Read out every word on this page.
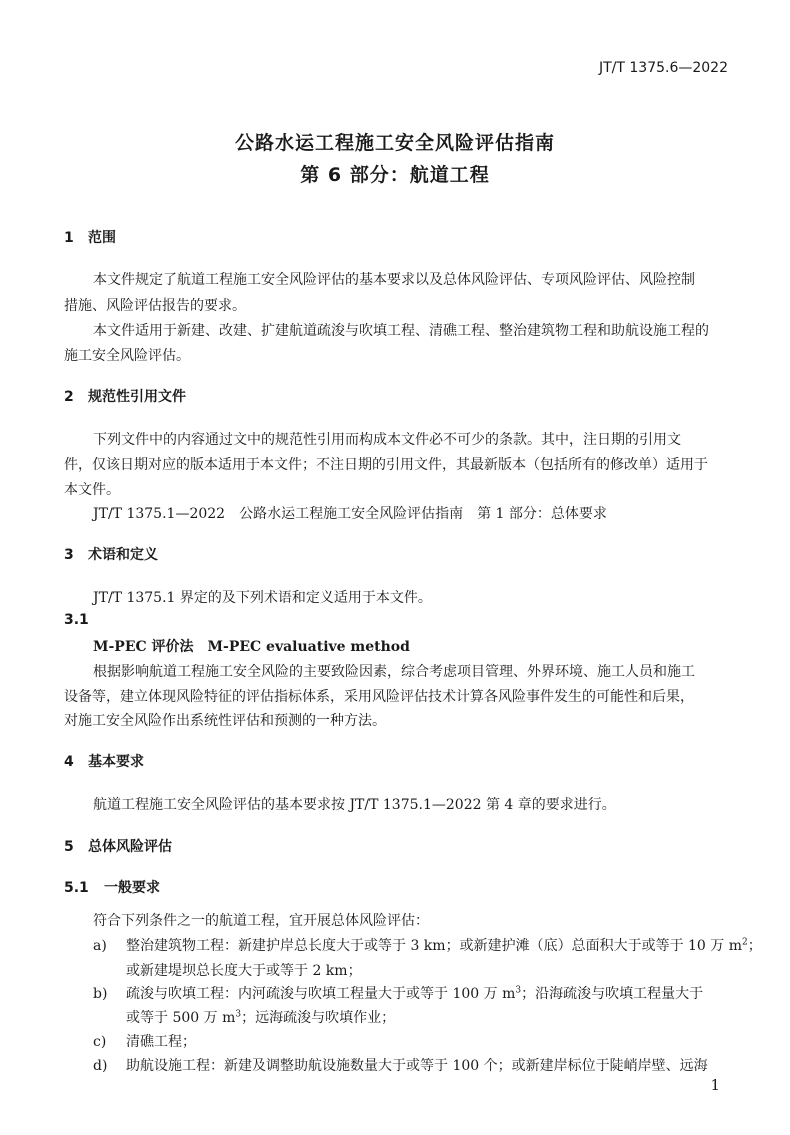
JT/T 1375.6—2022
公路水运工程施工安全风险评估指南
第 6 部分：航道工程
1 范围
本文件规定了航道工程施工安全风险评估的基本要求以及总体风险评估、专项风险评估、风险控制
措施、风险评估报告的要求。
本文件适用于新建、改建、扩建航道疏浚与吹填工程、清礁工程、整治建筑物工程和助航设施工程的
施工安全风险评估。
2 规范性引用文件
下列文件中的内容通过文中的规范性引用而构成本文件必不可少的条款。其中，注日期的引用文
件，仅该日期对应的版本适用于本文件；不注日期的引用文件，其最新版本（包括所有的修改单）适用于
本文件。
JT/T 1375.1—2022　公路水运工程施工安全风险评估指南　第 1 部分：总体要求
3 术语和定义
JT/T 1375.1 界定的及下列术语和定义适用于本文件。
3.1
M-PEC 评价法　M-PEC evaluative method
根据影响航道工程施工安全风险的主要致险因素，综合考虑项目管理、外界环境、施工人员和施工
设备等，建立体现风险特征的评估指标体系，采用风险评估技术计算各风险事件发生的可能性和后果，
对施工安全风险作出系统性评估和预测的一种方法。
4 基本要求
航道工程施工安全风险评估的基本要求按 JT/T 1375.1—2022 第 4 章的要求进行。
5 总体风险评估
5.1 一般要求
符合下列条件之一的航道工程，宜开展总体风险评估：
a) 整治建筑物工程：新建护岸总长度大于或等于 3 km；或新建护滩（底）总面积大于或等于 10 万 $m^2$；
或新建堤坝总长度大于或等于 2 km；
b) 疏浚与吹填工程：内河疏浚与吹填工程量大于或等于 100 万 $m^3$；沿海疏浚与吹填工程量大于
或等于 500 万 $m^3$；远海疏浚与吹填作业；
c) 清礁工程；
d) 助航设施工程：新建及调整助航设施数量大于或等于 100 个；或新建岸标位于陡峭岸壁、远海
1
